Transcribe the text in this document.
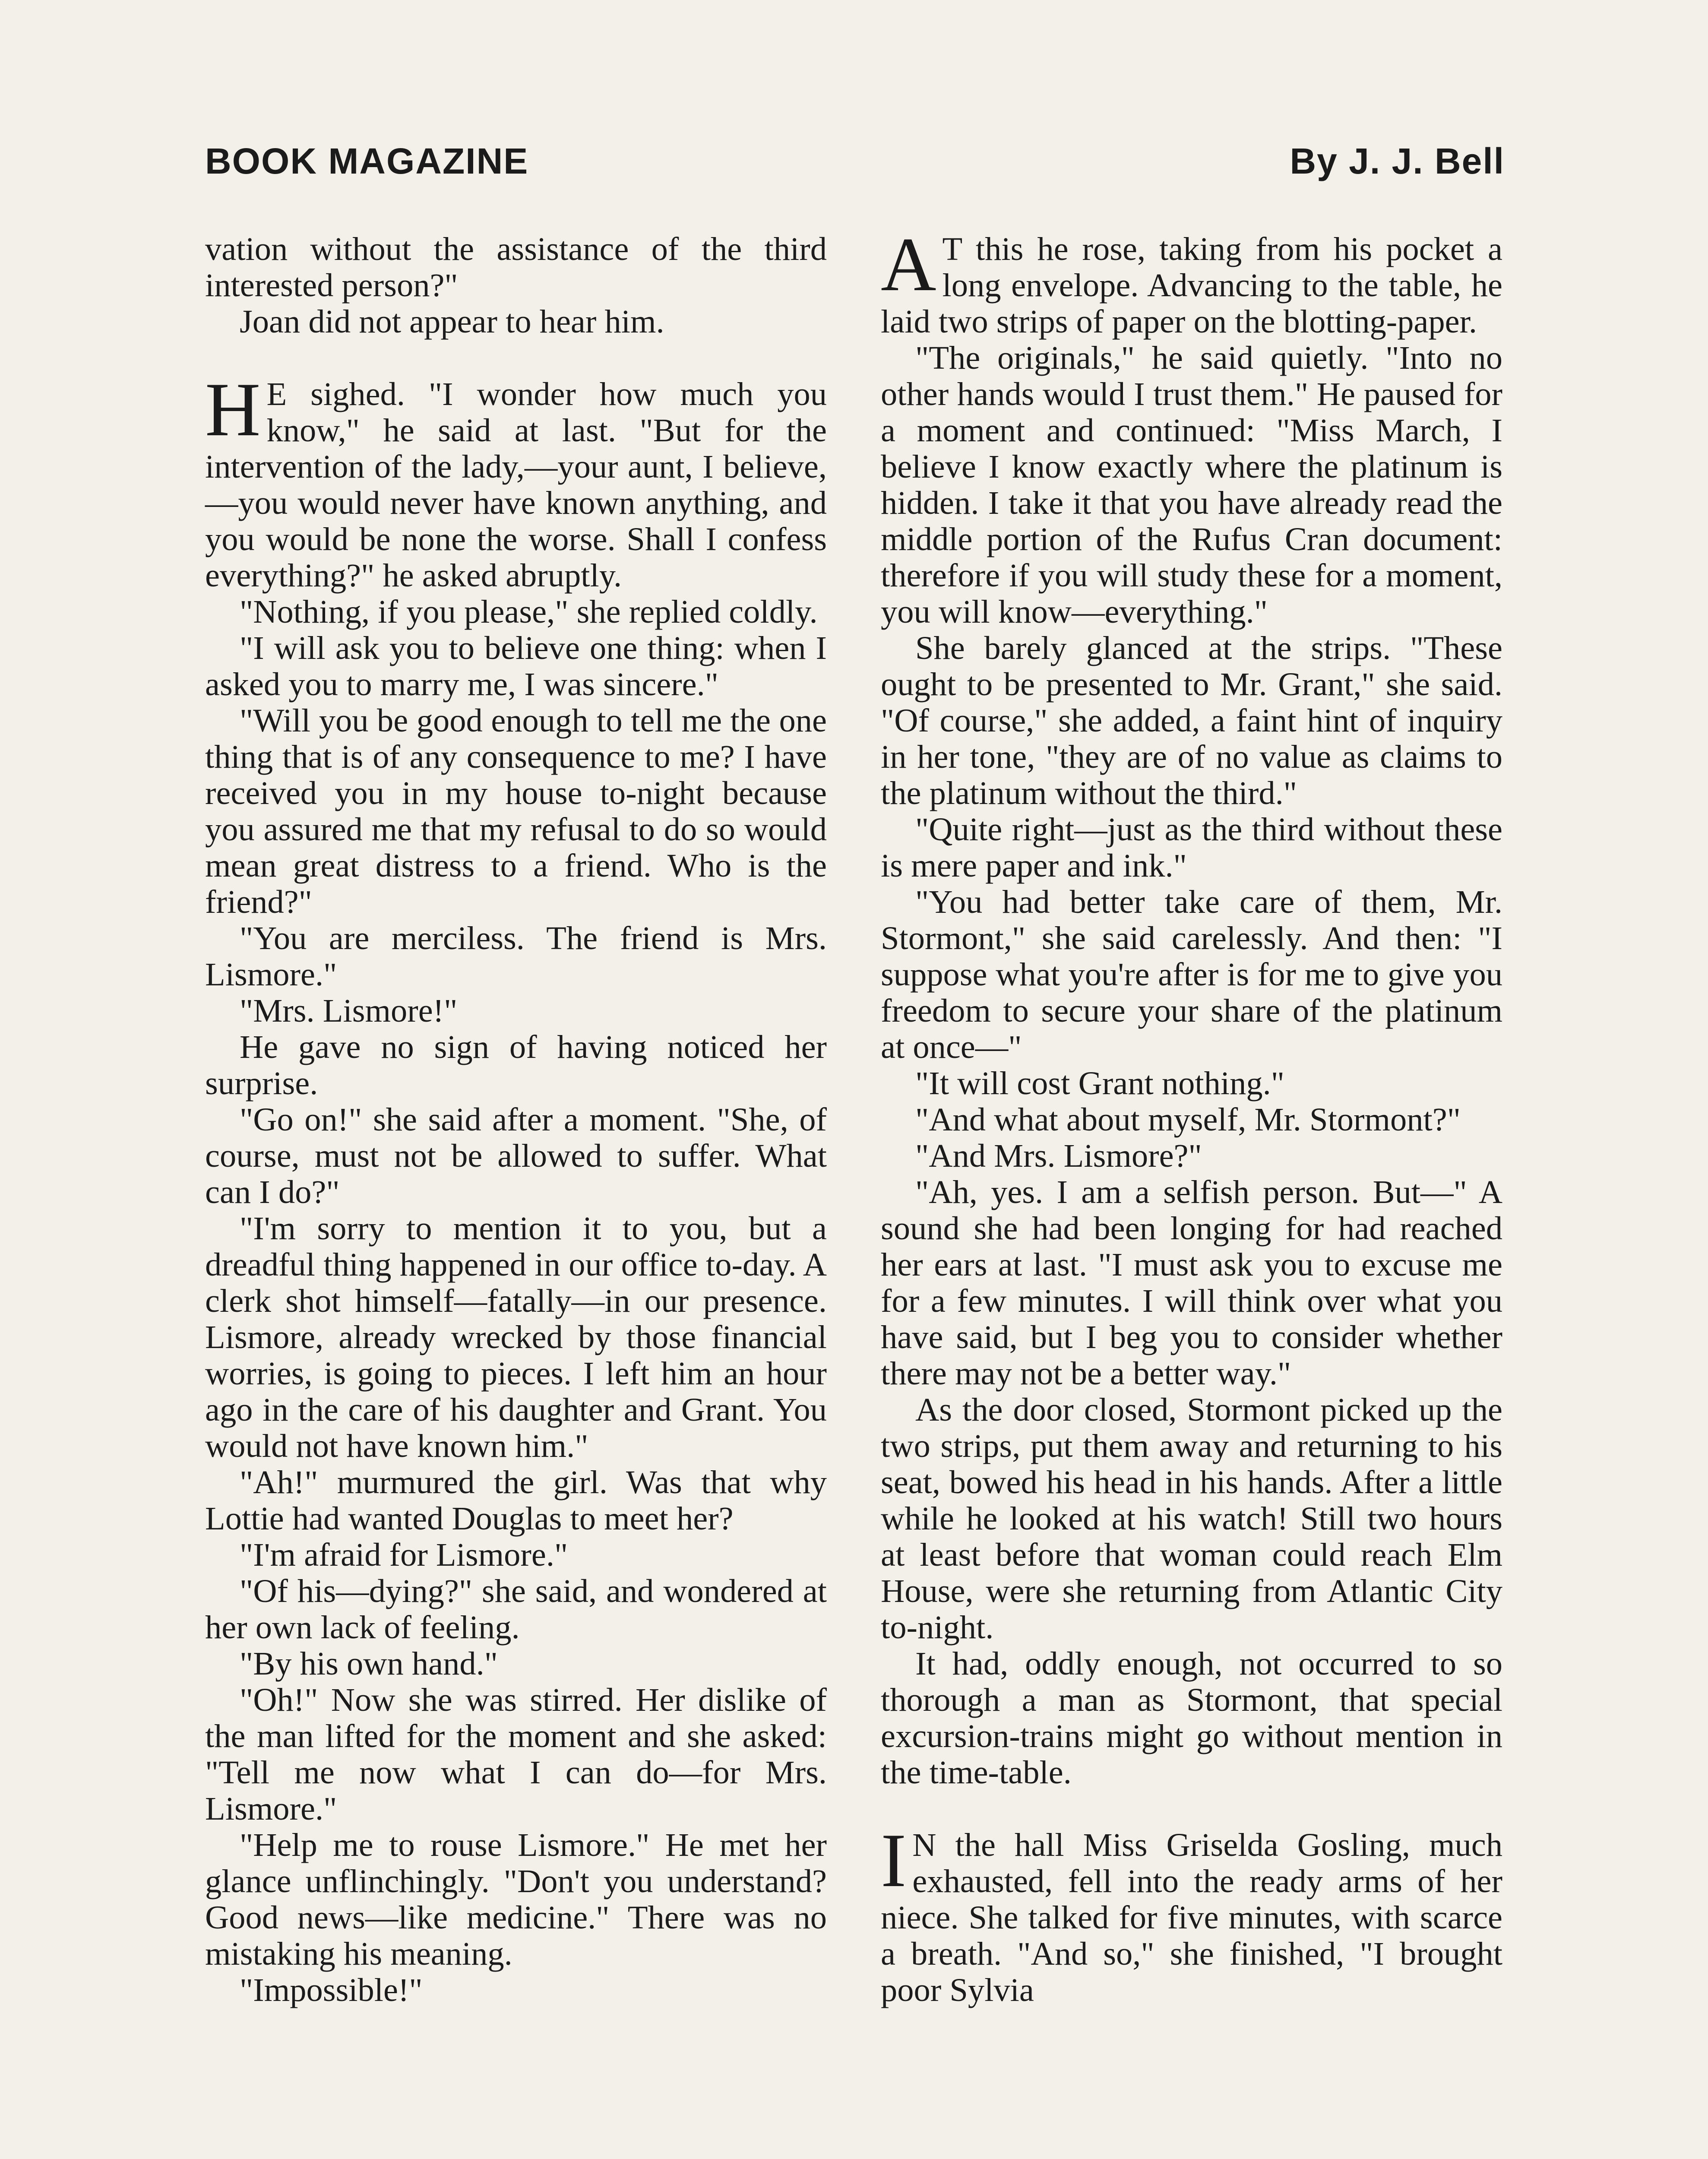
BOOK MAGAZINE	By J. J. Bell

vation without the assistance of the third interested person?"

Joan did not appear to hear him.

H E sighed. "I wonder how much you know," he said at last. "But for the intervention of the lady,—your aunt, I believe,—you would never have known anything, and you would be none the worse. Shall I confess everything?" he asked abruptly.

"Nothing, if you please," she replied coldly.

"I will ask you to believe one thing: when I asked you to marry me, I was sincere."

"Will you be good enough to tell me the one thing that is of any consequence to me? I have received you in my house to-night because you assured me that my refusal to do so would mean great distress to a friend. Who is the friend?"

"You are merciless. The friend is Mrs. Lismore."

"Mrs. Lismore!"

He gave no sign of having noticed her surprise.

"Go on!" she said after a moment. "She, of course, must not be allowed to suffer. What can I do?"

"I'm sorry to mention it to you, but a dreadful thing happened in our office to-day. A clerk shot himself—fatally—in our presence. Lismore, already wrecked by those financial worries, is going to pieces. I left him an hour ago in the care of his daughter and Grant. You would not have known him."

"Ah!" murmured the girl. Was that why Lottie had wanted Douglas to meet her?

"I'm afraid for Lismore."

"Of his—dying?" she said, and wondered at her own lack of feeling.

"By his own hand."

"Oh!" Now she was stirred. Her dislike of the man lifted for the moment and she asked: "Tell me now what I can do—for Mrs. Lismore."

"Help me to rouse Lismore." He met her glance unflinchingly. "Don't you understand? Good news—like medicine." There was no mistaking his meaning.

"Impossible!"

A T this he rose, taking from his pocket a long envelope. Advancing to the table, he laid two strips of paper on the blotting-paper.

"The originals," he said quietly. "Into no other hands would I trust them." He paused for a moment and continued: "Miss March, I believe I know exactly where the platinum is hidden. I take it that you have already read the middle portion of the Rufus Cran document: therefore if you will study these for a moment, you will know—everything."

She barely glanced at the strips. "These ought to be presented to Mr. Grant," she said. "Of course," she added, a faint hint of inquiry in her tone, "they are of no value as claims to the platinum without the third."

"Quite right—just as the third without these is mere paper and ink."

"You had better take care of them, Mr. Stormont," she said carelessly. And then: "I suppose what you're after is for me to give you freedom to secure your share of the platinum at once—"

"It will cost Grant nothing."

"And what about myself, Mr. Stormont?"

"And Mrs. Lismore?"

"Ah, yes. I am a selfish person. But—" A sound she had been longing for had reached her ears at last. "I must ask you to excuse me for a few minutes. I will think over what you have said, but I beg you to consider whether there may not be a better way."

As the door closed, Stormont picked up the two strips, put them away and returning to his seat, bowed his head in his hands. After a little while he looked at his watch! Still two hours at least before that woman could reach Elm House, were she returning from Atlantic City to-night.

It had, oddly enough, not occurred to so thorough a man as Stormont, that special excursion-trains might go without mention in the time-table.

I N the hall Miss Griselda Gosling, much exhausted, fell into the ready arms of her niece. She talked for five minutes, with scarce a breath. "And so," she finished, "I brought poor Sylvia
